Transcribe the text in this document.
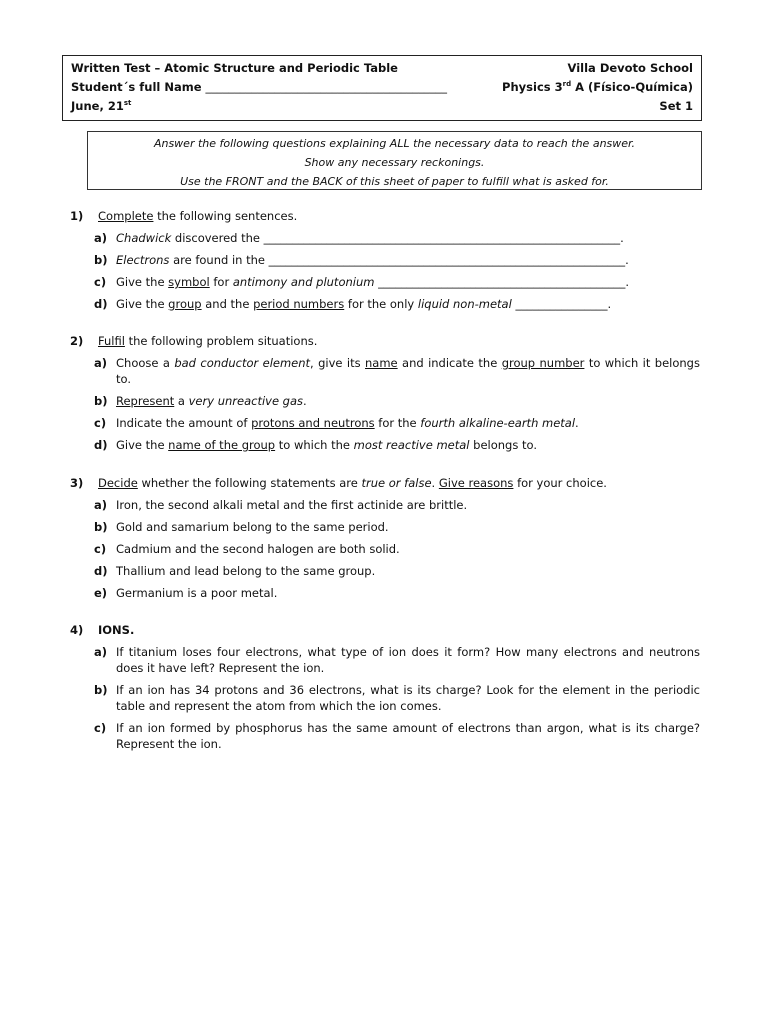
Written Test – Atomic Structure and Periodic Table	Villa Devoto School
Student´s full Name __________________________________________	Physics 3rd A (Físico-Química)
June, 21st	Set 1
Answer the following questions explaining ALL the necessary data to reach the answer.
Show any necessary reckonings.
Use the FRONT and the BACK of this sheet of paper to fulfill what is asked for.
1)	Complete the following sentences.
a) Chadwick discovered the ______________________________________________________________.
b) Electrons are found in the ______________________________________________________________.
c) Give the symbol for antimony and plutonium ___________________________________________.
d) Give the group and the period numbers for the only liquid non-metal ________________.
2)	Fulfil the following problem situations.
a) Choose a bad conductor element, give its name and indicate the group number to which it belongs to.
b) Represent a very unreactive gas.
c) Indicate the amount of protons and neutrons for the fourth alkaline-earth metal.
d) Give the name of the group to which the most reactive metal belongs to.
3)	Decide whether the following statements are true or false. Give reasons for your choice.
a) Iron, the second alkali metal and the first actinide are brittle.
b) Gold and samarium belong to the same period.
c) Cadmium and the second halogen are both solid.
d) Thallium and lead belong to the same group.
e) Germanium is a poor metal.
4)	IONS.
a) If titanium loses four electrons, what type of ion does it form? How many electrons and neutrons does it have left? Represent the ion.
b) If an ion has 34 protons and 36 electrons, what is its charge? Look for the element in the periodic table and represent the atom from which the ion comes.
c) If an ion formed by phosphorus has the same amount of electrons than argon, what is its charge? Represent the ion.
